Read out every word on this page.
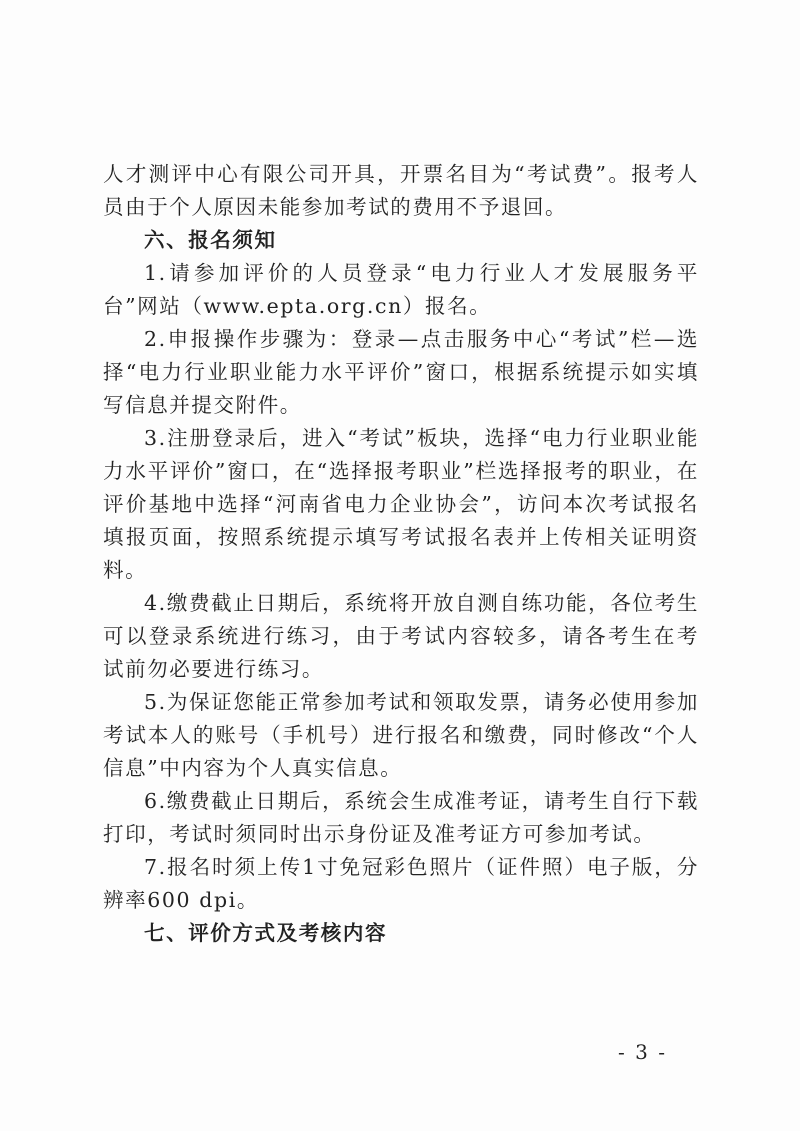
人才测评中心有限公司开具，开票名目为“考试费”。报考人员由于个人原因未能参加考试的费用不予退回。

六、报名须知

1.请参加评价的人员登录“电力行业人才发展服务平台”网站（www.epta.org.cn）报名。

2.申报操作步骤为：登录—点击服务中心“考试”栏—选择“电力行业职业能力水平评价”窗口，根据系统提示如实填写信息并提交附件。

3.注册登录后，进入“考试”板块，选择“电力行业职业能力水平评价”窗口，在“选择报考职业”栏选择报考的职业，在评价基地中选择“河南省电力企业协会”，访问本次考试报名填报页面，按照系统提示填写考试报名表并上传相关证明资料。

4.缴费截止日期后，系统将开放自测自练功能，各位考生可以登录系统进行练习，由于考试内容较多，请各考生在考试前勿必要进行练习。

5.为保证您能正常参加考试和领取发票，请务必使用参加考试本人的账号（手机号）进行报名和缴费，同时修改“个人信息”中内容为个人真实信息。

6.缴费截止日期后，系统会生成准考证，请考生自行下载打印，考试时须同时出示身份证及准考证方可参加考试。

7.报名时须上传1寸免冠彩色照片（证件照）电子版，分辨率600 dpi。

七、评价方式及考核内容

- 3 -
